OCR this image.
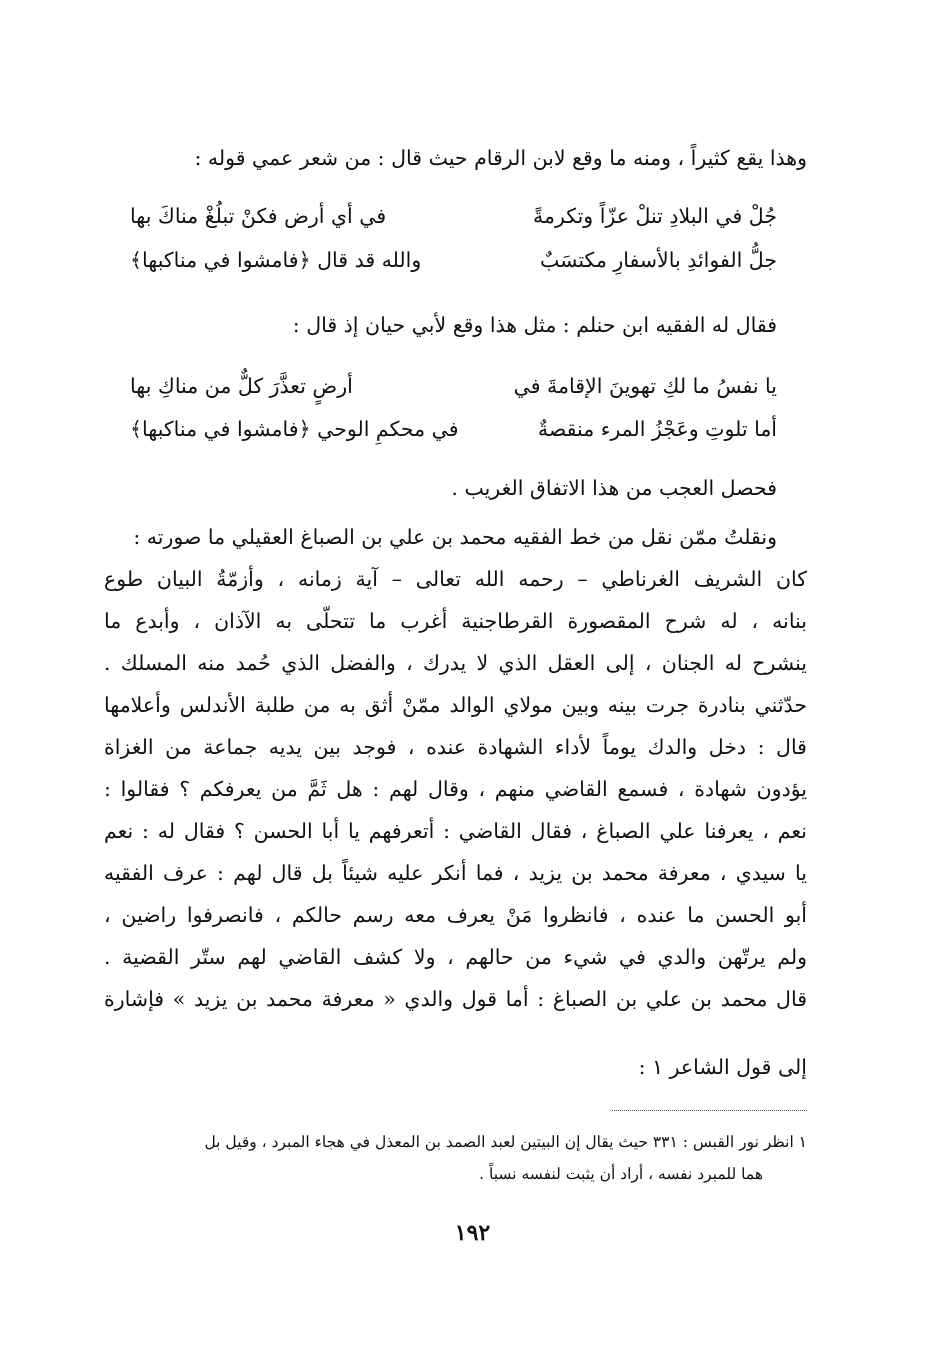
وهذا يقع كثيراً ، ومنه ما وقع لابن الرقام حيث قال : من شعر عمي قوله :
جُلْ في البلادِ تنلْ عزّاً وتكرمةً
في أي أرض فكنْ تبلُغْ مناكَ بها
جلُّ الفوائدِ بالأسفارِ مكتسَبٌ
والله قد قال ﴿فامشوا في مناكبها﴾
فقال له الفقيه ابن حنلم : مثل هذا وقع لأبي حيان إذ قال :
يا نفسُ ما لكِ تهوينَ الإقامةَ في
أرضٍ تعذَّرَ كلٌّ من مناكِ بها
أما تلوتِ وعَجْزُ المرء منقصةٌ
في محكمِ الوحي ﴿فامشوا في مناكبها﴾
فحصل العجب من هذا الاتفاق الغريب .
ونقلتُ ممّن نقل من خط الفقيه محمد بن علي بن الصباغ العقيلي ما صورته :
كان الشريف الغرناطي – رحمه الله تعالى – آية زمانه ، وأزمّةُ البيان طوع
بنانه ، له شرح المقصورة القرطاجنية أغرب ما تتحلّى به الآذان ، وأبدع ما
ينشرح له الجنان ، إلى العقل الذي لا يدرك ، والفضل الذي حُمد منه المسلك .
حدّثني بنادرة جرت بينه وبين مولاي الوالد ممّنْ أثق به من طلبة الأندلس وأعلامها
قال : دخل والدك يوماً لأداء الشهادة عنده ، فوجد بين يديه جماعة من الغزاة
يؤدون شهادة ، فسمع القاضي منهم ، وقال لهم : هل ثَمَّ من يعرفكم ؟ فقالوا :
نعم ، يعرفنا علي الصباغ ، فقال القاضي : أتعرفهم يا أبا الحسن ؟ فقال له : نعم
يا سيدي ، معرفة محمد بن يزيد ، فما أنكر عليه شيئاً بل قال لهم : عرف الفقيه
أبو الحسن ما عنده ، فانظروا مَنْ يعرف معه رسم حالكم ، فانصرفوا راضين ،
ولم يرتّهن والدي في شيء من حالهم ، ولا كشف القاضي لهم ستّر القضية .
قال محمد بن علي بن الصباغ : أما قول والدي « معرفة محمد بن يزيد » فإشارة
إلى قول الشاعر ١ :
١ انظر نور القبس : ٣٣١ حيث يقال إن البيتين لعبد الصمد بن المعذل في هجاء المبرد ، وقيل بل
هما للمبرد نفسه ، أراد أن يثبت لنفسه نسباً .
١٩٢
